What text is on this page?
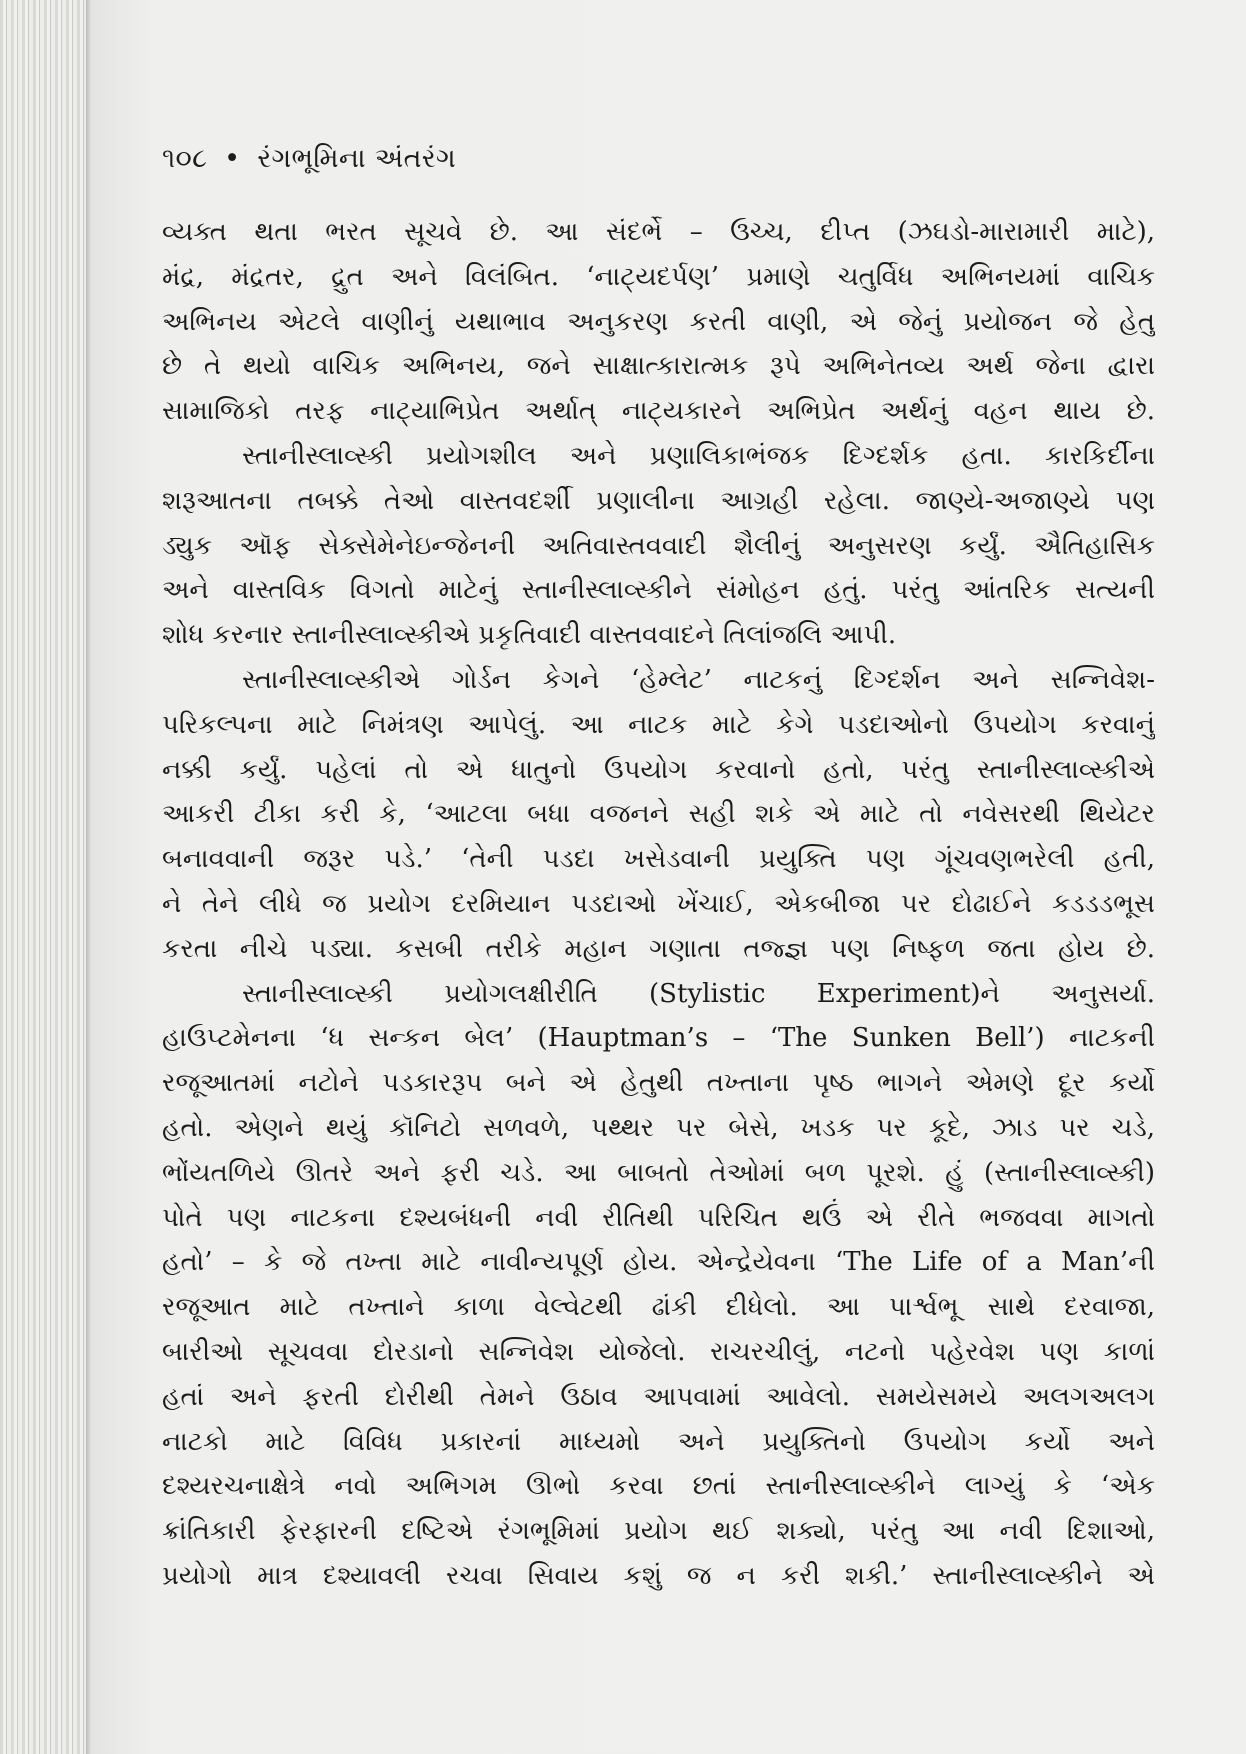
૧૦૮ • રંગભૂમિના અંતરંગ
વ્યક્ત થતા ભરત સૂચવે છે. આ સંદર્ભે – ઉચ્ચ, દીપ્ત (ઝઘડો-મારામારી માટે),
મંદ્ર, મંદ્રતર, દ્રુત અને વિલંબિત. ‘નાટ્યદર્પણ’ પ્રમાણે ચતુર્વિધ અભિનયમાં વાચિક
અભિનય એટલે વાણીનું યથાભાવ અનુકરણ કરતી વાણી, એ જેનું પ્રયોજન જે હેતુ
છે તે થયો વાચિક અભિનય, જને સાક્ષાત્કારાત્મક રૂપે અભિનેતવ્ય અર્થ જેના દ્વારા
સામાજિકો તરફ નાટ્યાભિપ્રેત અર્થાત્ નાટ્યકારને અભિપ્રેત અર્થનું વહન થાય છે.
સ્તાનીસ્લાવ્સ્કી પ્રયોગશીલ અને પ્રણાલિકાભંજક દિગ્દર્શક હતા. કારકિર્દીના
શરૂઆતના તબક્કે તેઓ વાસ્તવદર્શી પ્રણાલીના આગ્રહી રહેલા. જાણ્યે-અજાણ્યે પણ
ડ્યુક ઑફ સેક્સેમેનેઇન્જેનની અતિવાસ્તવવાદી શૈલીનું અનુસરણ કર્યું. ઐતિહાસિક
અને વાસ્તવિક વિગતો માટેનું સ્તાનીસ્લાવ્સ્કીને સંમોહન હતું. પરંતુ આંતરિક સત્યની
શોધ કરનાર સ્તાનીસ્લાવ્સ્કીએ પ્રકૃતિવાદી વાસ્તવવાદને તિલાંજલિ આપી.
સ્તાનીસ્લાવ્સ્કીએ ગોર્ડન કેગને ‘હેમ્લેટ’ નાટકનું દિગ્દર્શન અને સન્નિવેશ-
પરિકલ્પના માટે નિમંત્રણ આપેલું. આ નાટક માટે કેગે પડદાઓનો ઉપયોગ કરવાનું
નક્કી કર્યું. પહેલાં તો એ ધાતુનો ઉપયોગ કરવાનો હતો, પરંતુ સ્તાનીસ્લાવ્સ્કીએ
આકરી ટીકા કરી કે, ‘આટલા બધા વજનને સહી શકે એ માટે તો નવેસરથી થિયેટર
બનાવવાની જરૂર પડે.’ ‘તેની પડદા ખસેડવાની પ્રયુક્તિ પણ ગૂંચવણભરેલી હતી,
ને તેને લીધે જ પ્રયોગ દરમિયાન પડદાઓ ખેંચાઈ, એકબીજા પર દોઢાઈને કડડડભૂસ
કરતા નીચે પડ્યા. કસબી તરીકે મહાન ગણાતા તજ્જ્ઞ પણ નિષ્ફળ જતા હોય છે.
સ્તાનીસ્લાવ્સ્કી પ્રયોગલક્ષીરીતિ (Stylistic Experiment)ને અનુસર્યા.
હાઉપ્ટમેનના ‘ધ સન્કન બેલ’ (Hauptman’s – ‘The Sunken Bell’) નાટકની
રજૂઆતમાં નટોને પડકારરૂપ બને એ હેતુથી તખ્તાના પૃષ્ઠ ભાગને એમણે દૂર કર્યો
હતો. એણને થયું કૉનિટો સળવળે, પથ્થર પર બેસે, ખડક પર કૂદે, ઝાડ પર ચડે,
ભોંયતળિયે ઊતરે અને ફરી ચડે. આ બાબતો તેઓમાં બળ પૂરશે. હું (સ્તાનીસ્લાવ્સ્કી)
પોતે પણ નાટકના દશ્યબંધની નવી રીતિથી પરિચિત થઉં એ રીતે ભજવવા માગતો
હતો’ – કે જે તખ્તા માટે નાવીન્યપૂર્ણ હોય. એન્દ્રેયેવના ‘The Life of a Man’ની
રજૂઆત માટે તખ્તાને કાળા વેલ્વેટથી ઢાંકી દીધેલો. આ પાર્શ્વભૂ સાથે દરવાજા,
બારીઓ સૂચવવા દોરડાનો સન્નિવેશ યોજેલો. રાચરચીલું, નટનો પહેરવેશ પણ કાળાં
હતાં અને ફરતી દોરીથી તેમને ઉઠાવ આપવામાં આવેલો. સમયેસમયે અલગઅલગ
નાટકો માટે વિવિધ પ્રકારનાં માધ્યમો અને પ્રયુક્તિનો ઉપયોગ કર્યો અને
દશ્યરચનાક્ષેત્રે નવો અભિગમ ઊભો કરવા છતાં સ્તાનીસ્લાવ્સ્કીને લાગ્યું કે ‘એક
ક્રાંતિકારી ફેરફારની દષ્ટિએ રંગભૂમિમાં પ્રયોગ થઈ શક્યો, પરંતુ આ નવી દિશાઓ,
પ્રયોગો માત્ર દશ્યાવલી રચવા સિવાય કશું જ ન કરી શકી.’ સ્તાનીસ્લાવ્સ્કીને એ
